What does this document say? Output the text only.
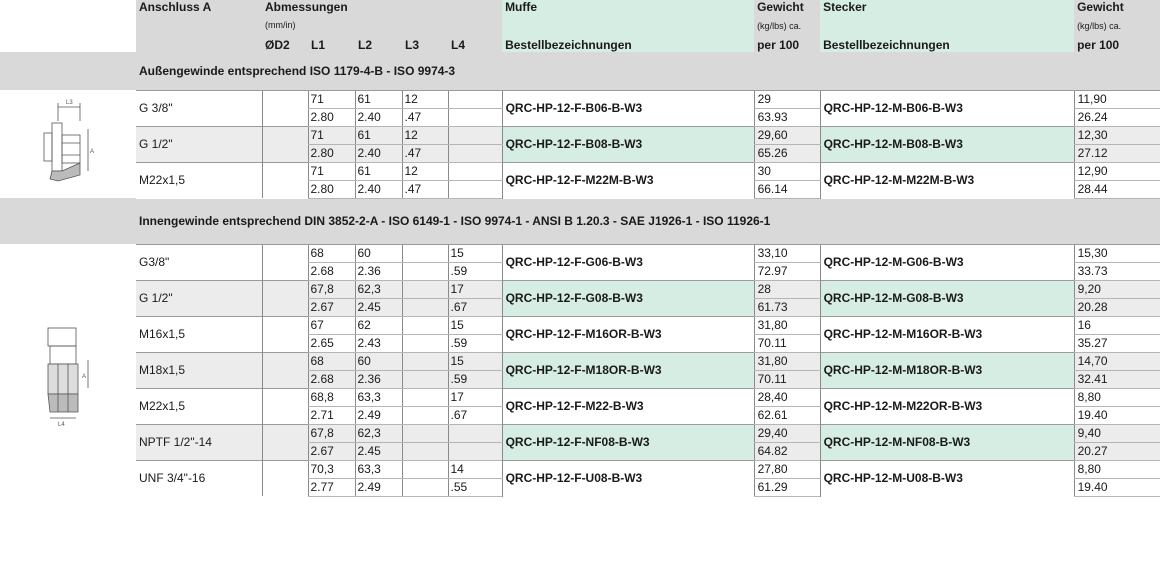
	Anschluss A	Abmessungen					Muffe	Gewicht	Stecker	Gewicht
		(mm/in)						(kg/lbs) ca.		(kg/lbs) ca.
		ØD2	L1	L2	L3	L4	Bestellbezeichnungen	per 100	Bestellbezeichnungen	per 100
	Außengewinde entsprechend ISO 1179-4-B - ISO 9974-3									

L3
A	G 3/8"		71	61	12		QRC-HP-12-F-B06-B-W3	29	QRC-HP-12-M-B06-B-W3	11,90
			2.80	2.40	.47			63.93		26.24
	G 1/2"		71	61	12		QRC-HP-12-F-B08-B-W3	29,60	QRC-HP-12-M-B08-B-W3	12,30
			2.80	2.40	.47			65.26		27.12
	M22x1,5		71	61	12		QRC-HP-12-F-M22M-B-W3	30	QRC-HP-12-M-M22M-B-W3	12,90
			2.80	2.40	.47			66.14		28.44
	Innengewinde entsprechend DIN 3852-2-A - ISO 6149-1 - ISO 9974-1 - ANSI B 1.20.3 - SAE J1926-1 - ISO 11926-1									

A
L4	G3/8"		68	60		15	QRC-HP-12-F-G06-B-W3	33,10	QRC-HP-12-M-G06-B-W3	15,30
			2.68	2.36		.59		72.97		33.73
	G 1/2"		67,8	62,3		17	QRC-HP-12-F-G08-B-W3	28	QRC-HP-12-M-G08-B-W3	9,20
			2.67	2.45		.67		61.73		20.28
	M16x1,5		67	62		15	QRC-HP-12-F-M16OR-B-W3	31,80	QRC-HP-12-M-M16OR-B-W3	16
			2.65	2.43		.59		70.11		35.27
	M18x1,5		68	60		15	QRC-HP-12-F-M18OR-B-W3	31,80	QRC-HP-12-M-M18OR-B-W3	14,70
			2.68	2.36		.59		70.11		32.41
	M22x1,5		68,8	63,3		17	QRC-HP-12-F-M22-B-W3	28,40	QRC-HP-12-M-M22OR-B-W3	8,80
			2.71	2.49		.67		62.61		19.40
	NPTF 1/2"-14		67,8	62,3			QRC-HP-12-F-NF08-B-W3	29,40	QRC-HP-12-M-NF08-B-W3	9,40
			2.67	2.45				64.82		20.27
	UNF 3/4"-16		70,3	63,3		14	QRC-HP-12-F-U08-B-W3	27,80	QRC-HP-12-M-U08-B-W3	8,80
			2.77	2.49		.55		61.29		19.40
